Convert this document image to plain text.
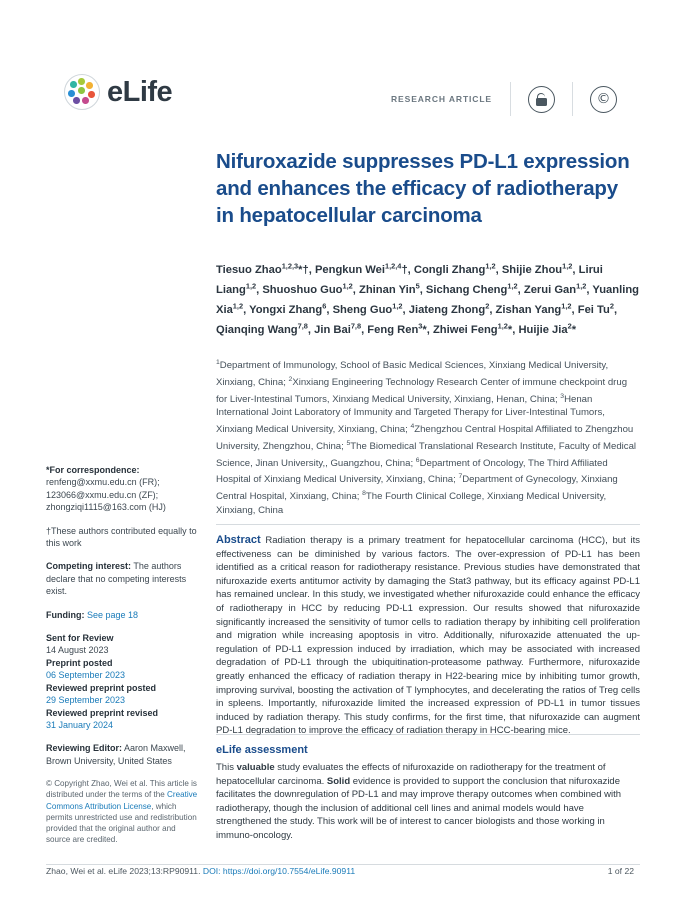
eLife	RESEARCH ARTICLE	©
Nifuroxazide suppresses PD-L1 expression and enhances the efficacy of radiotherapy in hepatocellular carcinoma
Tiesuo Zhao$^{1,2,3}$*†, Pengkun Wei$^{1,2,4}$†, Congli Zhang$^{1,2}$, Shijie Zhou$^{1,2}$, Lirui Liang$^{1,2}$, Shuoshuo Guo$^{1,2}$, Zhinan Yin$^5$, Sichang Cheng$^{1,2}$, Zerui Gan$^{1,2}$, Yuanling Xia$^{1,2}$, Yongxi Zhang$^6$, Sheng Guo$^{1,2}$, Jiateng Zhong$^2$, Zishan Yang$^{1,2}$, Fei Tu$^2$, Qianqing Wang$^{7,8}$, Jin Bai$^{7,8}$, Feng Ren$^3$*, Zhiwei Feng$^{1,2}$*, Huijie Jia$^2$*
$^1$Department of Immunology, School of Basic Medical Sciences, Xinxiang Medical University, Xinxiang, China; $^2$Xinxiang Engineering Technology Research Center of immune checkpoint drug for Liver-Intestinal Tumors, Xinxiang Medical University, Xinxiang, Henan, China; $^3$Henan International Joint Laboratory of Immunity and Targeted Therapy for Liver-Intestinal Tumors, Xinxiang Medical University, Xinxiang, China; $^4$Zhengzhou Central Hospital Affiliated to Zhengzhou University, Zhengzhou, China; $^5$The Biomedical Translational Research Institute, Faculty of Medical Science, Jinan University,, Guangzhou, China; $^6$Department of Oncology, The Third Affiliated Hospital of Xinxiang Medical University, Xinxiang, China; $^7$Department of Gynecology, Xinxiang Central Hospital, Xinxiang, China; $^8$The Fourth Clinical College, Xinxiang Medical University, Xinxiang, China
*For correspondence:
renfeng@xxmu.edu.cn (FR);
123066@xxmu.edu.cn (ZF);
zhongziqi1115@163.com (HJ)
†These authors contributed equally to this work
Competing interest: The authors declare that no competing interests exist.
Funding: See page 18
Sent for Review
14 August 2023
Preprint posted
06 September 2023
Reviewed preprint posted
29 September 2023
Reviewed preprint revised
31 January 2024
Reviewing Editor: Aaron Maxwell, Brown University, United States
© Copyright Zhao, Wei et al. This article is distributed under the terms of the Creative Commons Attribution License, which permits unrestricted use and redistribution provided that the original author and source are credited.

Abstract Radiation therapy is a primary treatment for hepatocellular carcinoma (HCC), but its effectiveness can be diminished by various factors. The over-expression of PD-L1 has been identified as a critical reason for radiotherapy resistance. Previous studies have demonstrated that nifuroxazide exerts antitumor activity by damaging the Stat3 pathway, but its efficacy against PD-L1 has remained unclear. In this study, we investigated whether nifuroxazide could enhance the efficacy of radiotherapy in HCC by reducing PD-L1 expression. Our results showed that nifuroxazide significantly increased the sensitivity of tumor cells to radiation therapy by inhibiting cell proliferation and migration while increasing apoptosis in vitro. Additionally, nifuroxazide attenuated the up-regulation of PD-L1 expression induced by irradiation, which may be associated with increased degradation of PD-L1 through the ubiquitination-proteasome pathway. Furthermore, nifuroxazide greatly enhanced the efficacy of radiation therapy in H22-bearing mice by inhibiting tumor growth, improving survival, boosting the activation of T lymphocytes, and decelerating the ratios of Treg cells in spleens. Importantly, nifuroxazide limited the increased expression of PD-L1 in tumor tissues induced by radiation therapy. This study confirms, for the first time, that nifuroxazide can augment PD-L1 degradation to improve the efficacy of radiation therapy in HCC-bearing mice.

eLife assessment

This valuable study evaluates the effects of nifuroxazide on radiotherapy for the treatment of hepatocellular carcinoma. Solid evidence is provided to support the conclusion that nifuroxazide facilitates the downregulation of PD-L1 and may improve therapy outcomes when combined with radiotherapy, though the inclusion of additional cell lines and animal models would have strengthened the study. This work will be of interest to cancer biologists and those working in immuno-oncology.

Zhao, Wei et al. eLife 2023;13:RP90911. DOI: https://doi.org/10.7554/eLife.90911	1 of 22
